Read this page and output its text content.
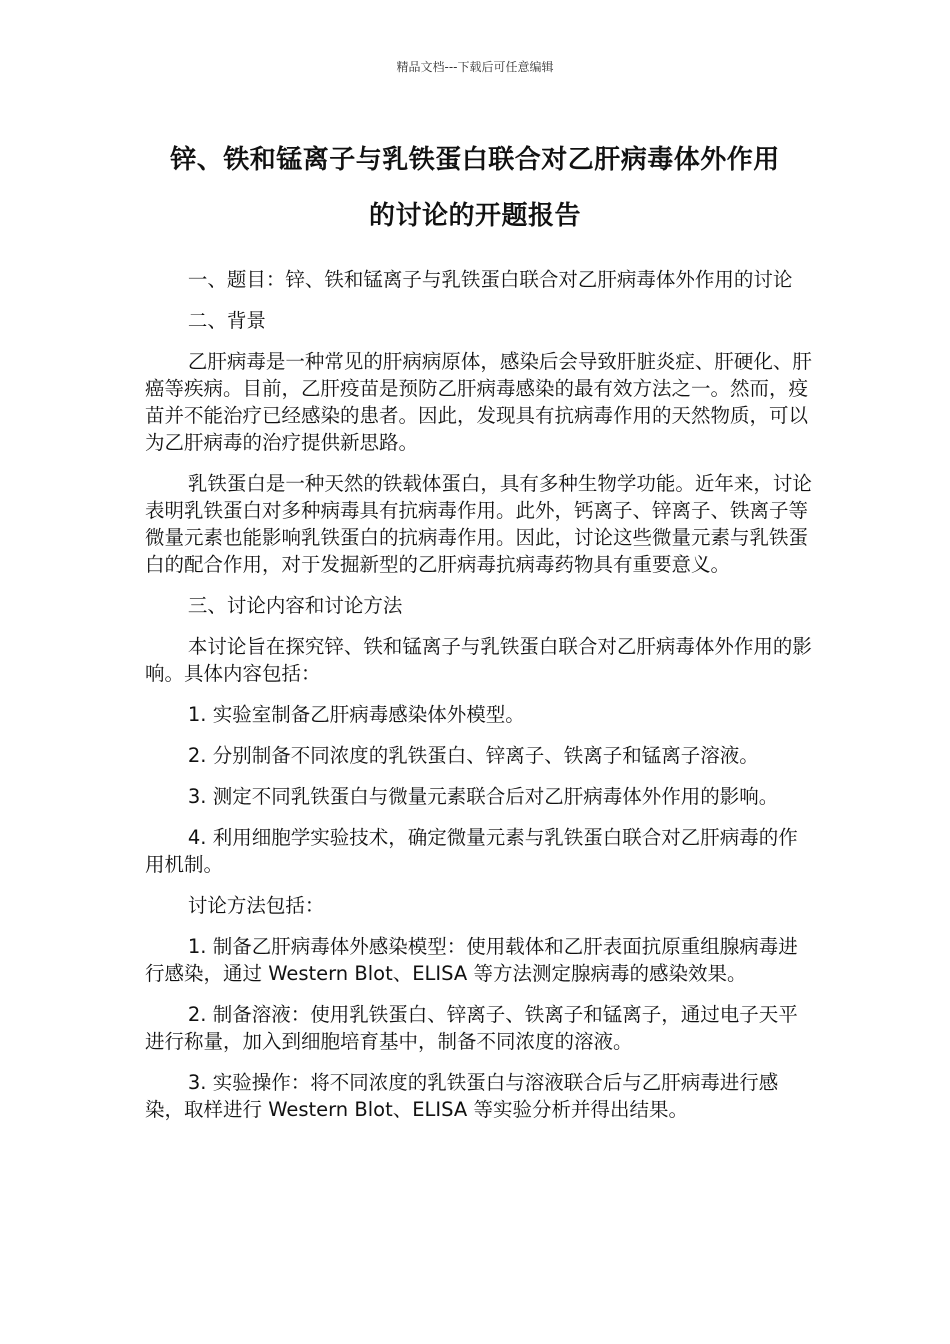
精品文档---下载后可任意编辑
锌、铁和锰离子与乳铁蛋白联合对乙肝病毒体外作用
的讨论的开题报告

一、题目：锌、铁和锰离子与乳铁蛋白联合对乙肝病毒体外作用的讨论

二、背景

乙肝病毒是一种常见的肝病病原体，感染后会导致肝脏炎症、肝硬化、肝癌等疾病。目前，乙肝疫苗是预防乙肝病毒感染的最有效方法之一。然而，疫苗并不能治疗已经感染的患者。因此，发现具有抗病毒作用的天然物质，可以为乙肝病毒的治疗提供新思路。

乳铁蛋白是一种天然的铁载体蛋白，具有多种生物学功能。近年来，讨论表明乳铁蛋白对多种病毒具有抗病毒作用。此外，钙离子、锌离子、铁离子等微量元素也能影响乳铁蛋白的抗病毒作用。因此，讨论这些微量元素与乳铁蛋白的配合作用，对于发掘新型的乙肝病毒抗病毒药物具有重要意义。

三、讨论内容和讨论方法

本讨论旨在探究锌、铁和锰离子与乳铁蛋白联合对乙肝病毒体外作用的影响。具体内容包括：

1. 实验室制备乙肝病毒感染体外模型。

2. 分别制备不同浓度的乳铁蛋白、锌离子、铁离子和锰离子溶液。

3. 测定不同乳铁蛋白与微量元素联合后对乙肝病毒体外作用的影响。

4. 利用细胞学实验技术，确定微量元素与乳铁蛋白联合对乙肝病毒的作用机制。

讨论方法包括：

1. 制备乙肝病毒体外感染模型：使用载体和乙肝表面抗原重组腺病毒进行感染，通过 Western Blot、ELISA 等方法测定腺病毒的感染效果。

2. 制备溶液：使用乳铁蛋白、锌离子、铁离子和锰离子，通过电子天平进行称量，加入到细胞培育基中，制备不同浓度的溶液。

3. 实验操作：将不同浓度的乳铁蛋白与溶液联合后与乙肝病毒进行感染，取样进行 Western Blot、ELISA 等实验分析并得出结果。
